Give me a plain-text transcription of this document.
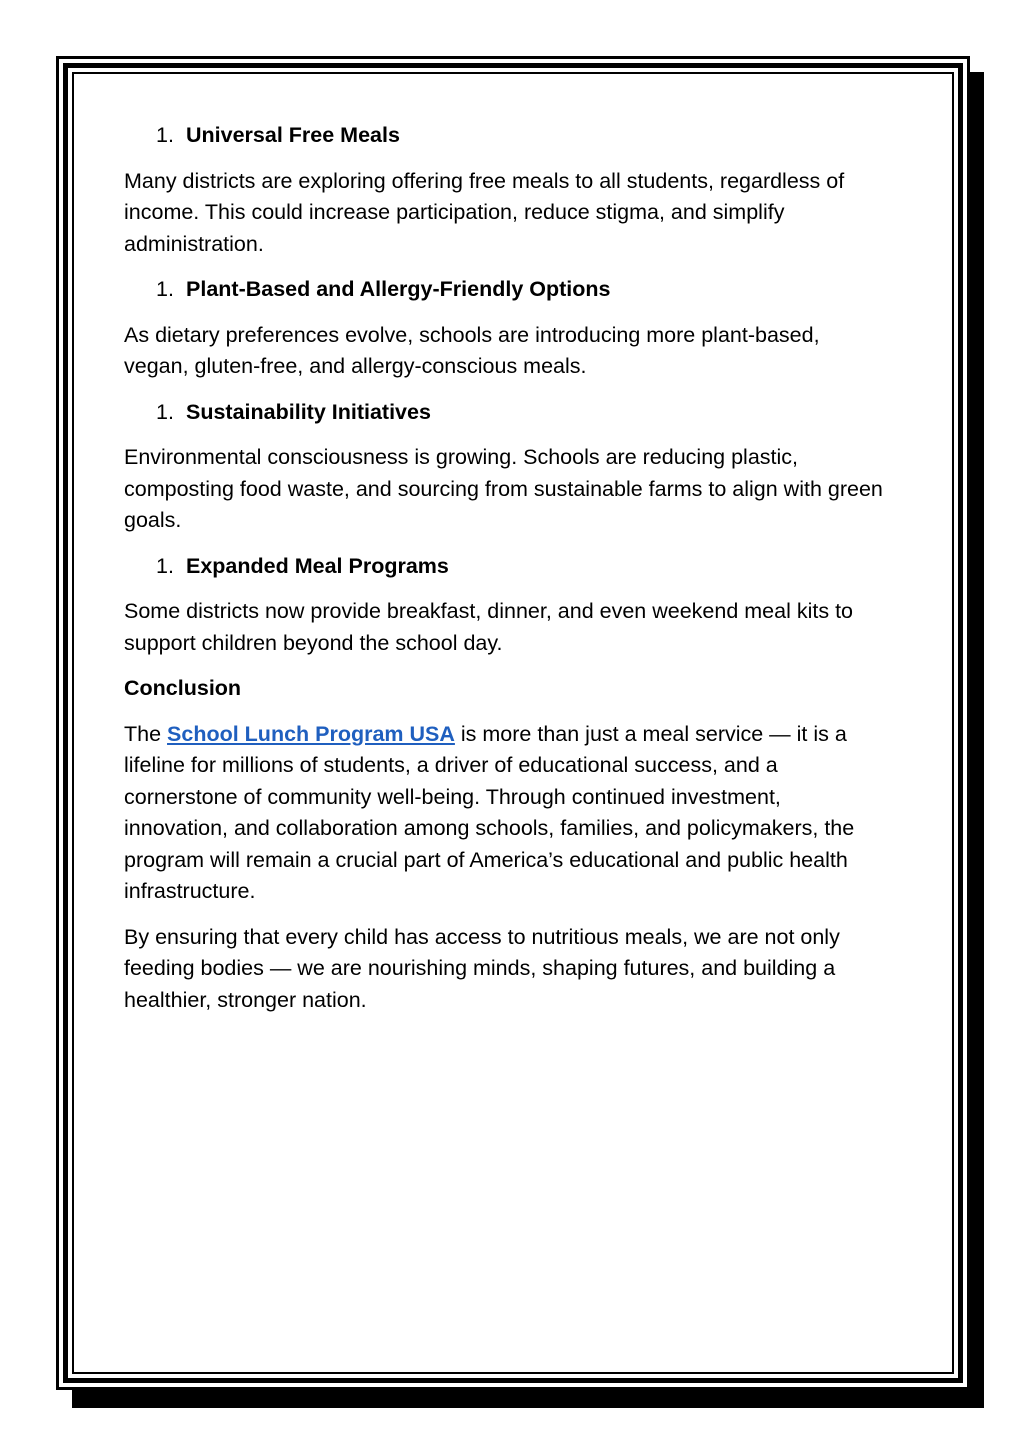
1. Universal Free Meals

Many districts are exploring offering free meals to all students, regardless of income. This could increase participation, reduce stigma, and simplify administration.

1. Plant-Based and Allergy-Friendly Options

As dietary preferences evolve, schools are introducing more plant-based, vegan, gluten-free, and allergy-conscious meals.

1. Sustainability Initiatives

Environmental consciousness is growing. Schools are reducing plastic, composting food waste, and sourcing from sustainable farms to align with green goals.

1. Expanded Meal Programs

Some districts now provide breakfast, dinner, and even weekend meal kits to support children beyond the school day.

Conclusion

The School Lunch Program USA is more than just a meal service — it is a lifeline for millions of students, a driver of educational success, and a cornerstone of community well-being. Through continued investment, innovation, and collaboration among schools, families, and policymakers, the program will remain a crucial part of America’s educational and public health infrastructure.

By ensuring that every child has access to nutritious meals, we are not only feeding bodies — we are nourishing minds, shaping futures, and building a healthier, stronger nation.
